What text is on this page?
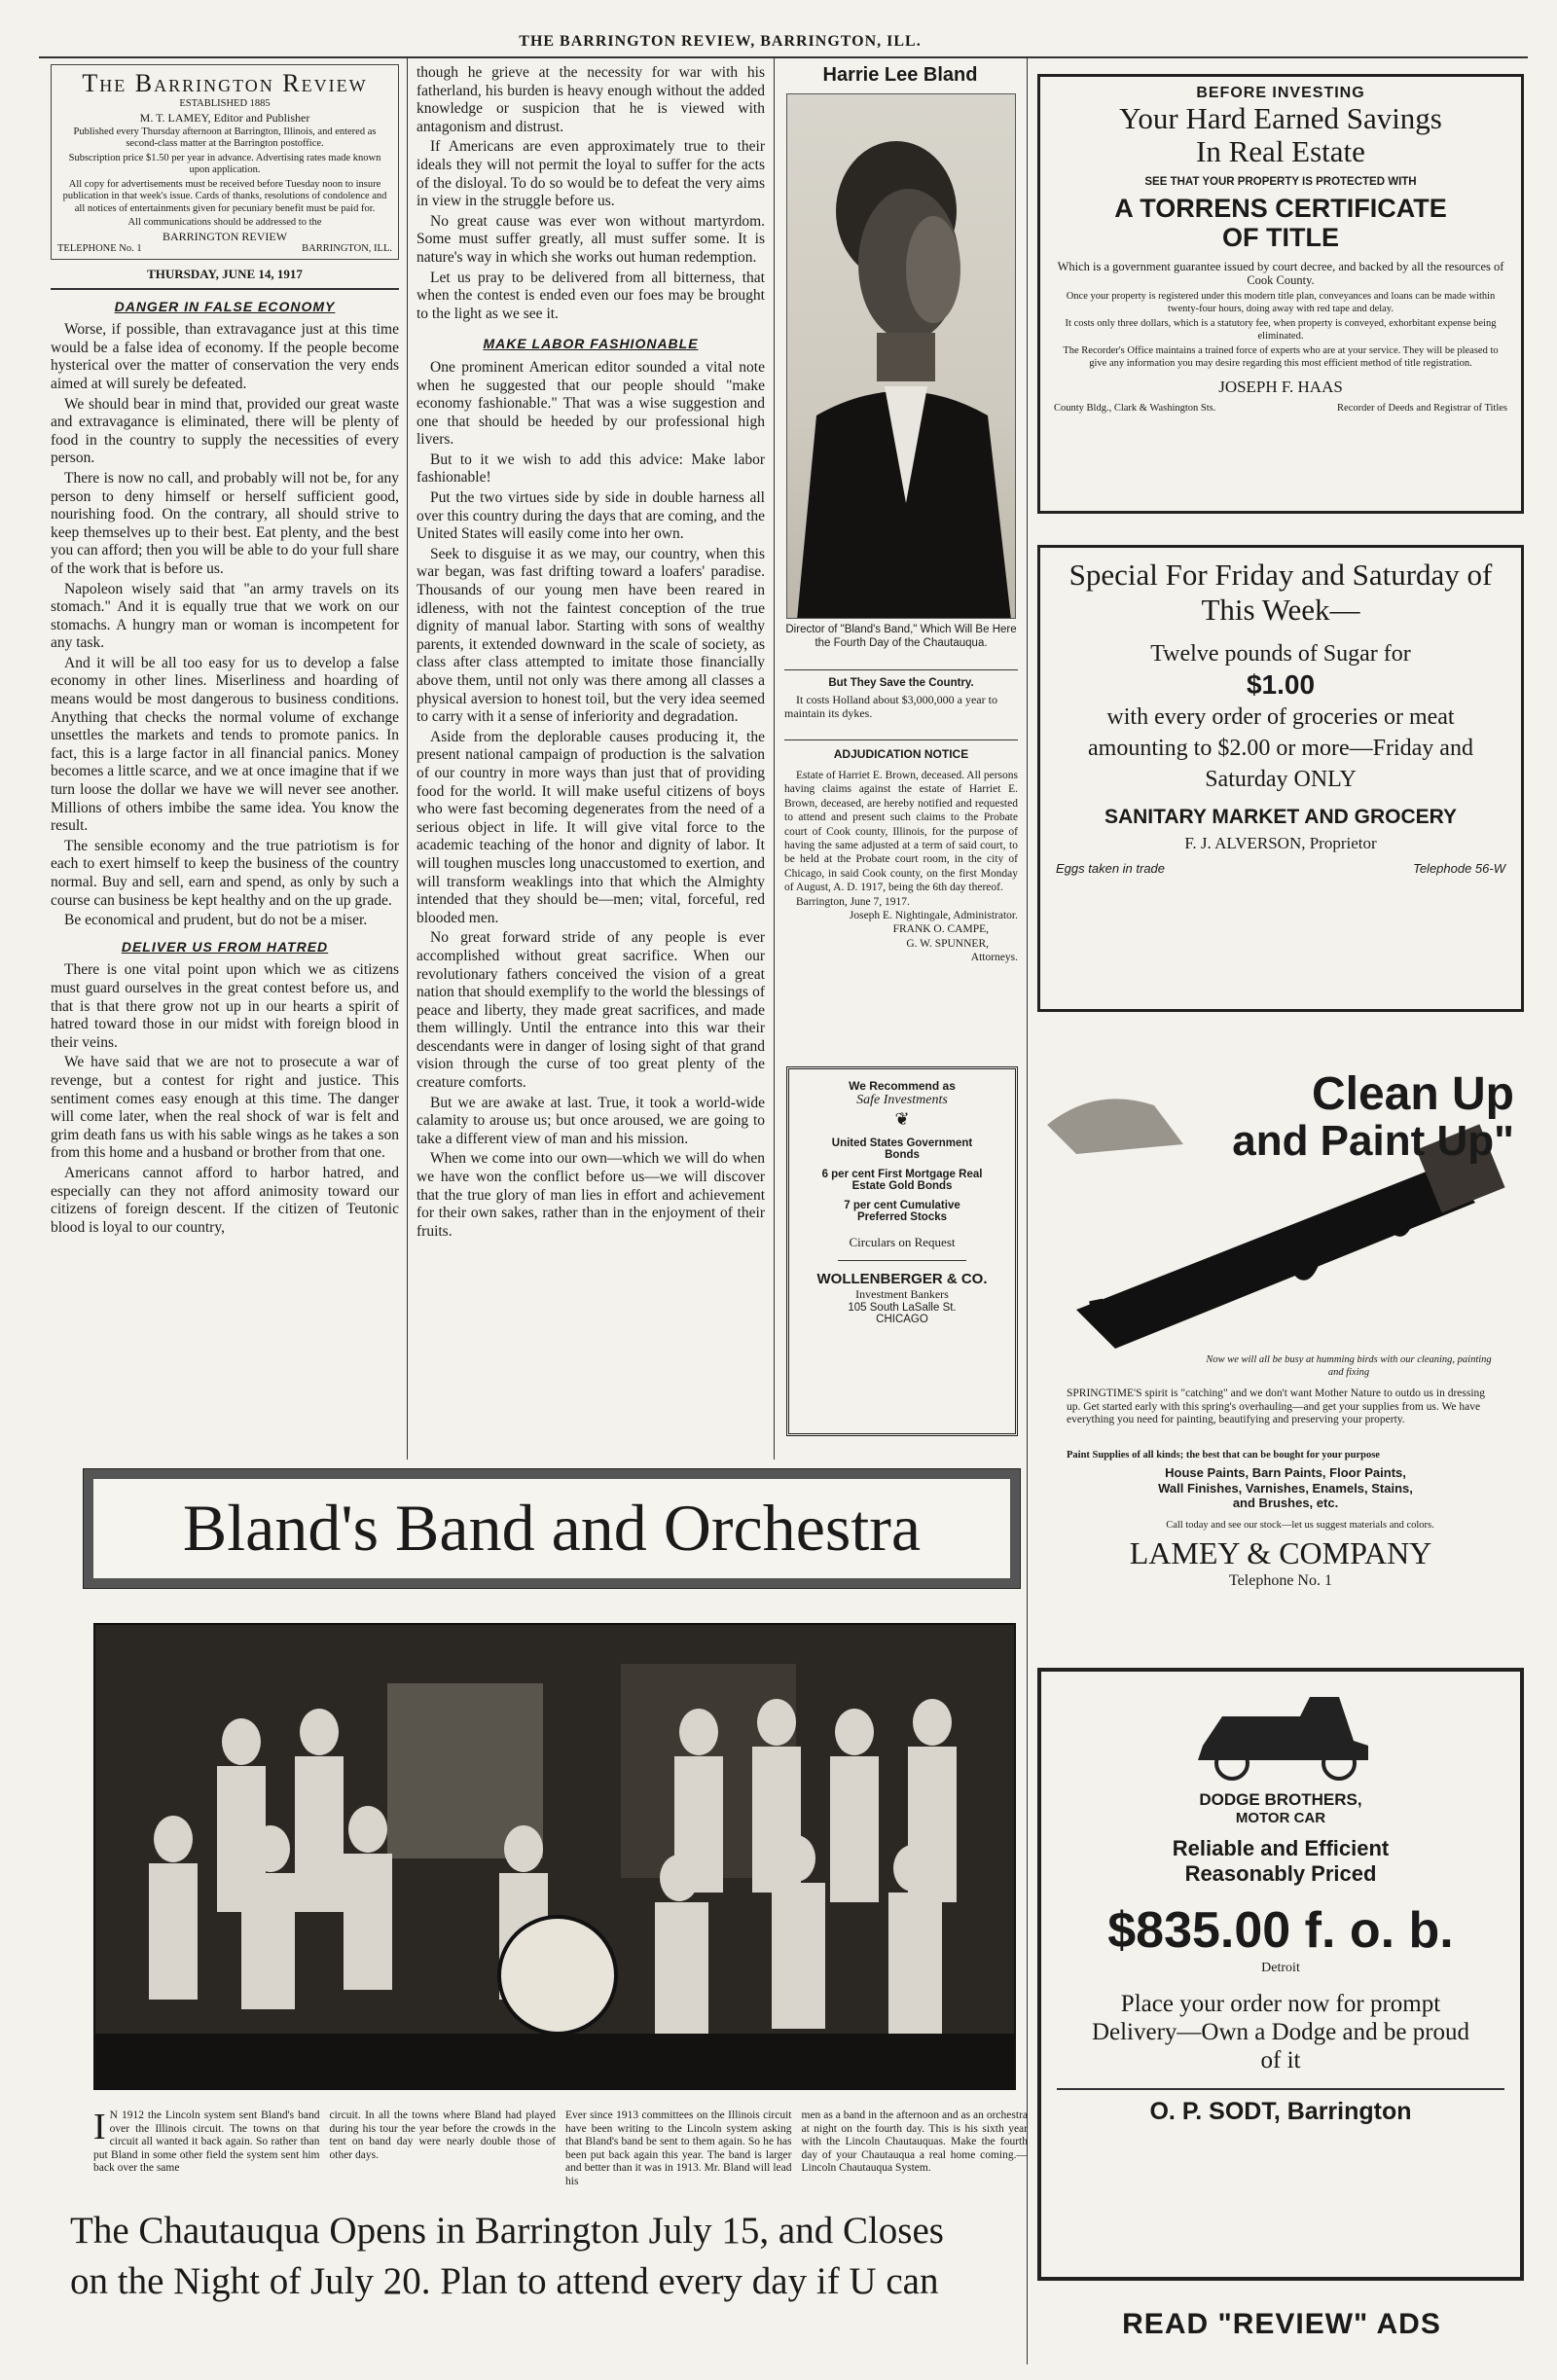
THE BARRINGTON REVIEW, BARRINGTON, ILL.
The Barrington Review
ESTABLISHED 1885
M. T. LAMEY, Editor and Publisher
Published every Thursday afternoon at Barrington, Illinois, and entered as second-class matter at the Barrington postoffice.
Subscription price $1.50 per year in advance. Advertising rates made known upon application.
All copy for advertisements must be received before Tuesday noon to insure publication in that week's issue. Cards of thanks, resolutions of condolence and all notices of entertainments given for pecuniary benefit must be paid for.
All communications should be addressed to the
BARRINGTON REVIEW
TELEPHONE No. 1	BARRINGTON, ILL.
THURSDAY, JUNE 14, 1917
DANGER IN FALSE ECONOMY

Worse, if possible, than extravagance just at this time would be a false idea of economy. If the people become hysterical over the matter of conservation the very ends aimed at will surely be defeated.

We should bear in mind that, provided our great waste and extravagance is eliminated, there will be plenty of food in the country to supply the necessities of every person.

There is now no call, and probably will not be, for any person to deny himself or herself sufficient good, nourishing food. On the contrary, all should strive to keep themselves up to their best. Eat plenty, and the best you can afford; then you will be able to do your full share of the work that is before us.

Napoleon wisely said that "an army travels on its stomach." And it is equally true that we work on our stomachs. A hungry man or woman is incompetent for any task.

And it will be all too easy for us to develop a false economy in other lines. Miserliness and hoarding of means would be most dangerous to business conditions. Anything that checks the normal volume of exchange unsettles the markets and tends to promote panics. In fact, this is a large factor in all financial panics. Money becomes a little scarce, and we at once imagine that if we turn loose the dollar we have we will never see another. Millions of others imbibe the same idea. You know the result.

The sensible economy and the true patriotism is for each to exert himself to keep the business of the country normal. Buy and sell, earn and spend, as only by such a course can business be kept healthy and on the up grade.

Be economical and prudent, but do not be a miser.

DELIVER US FROM HATRED

There is one vital point upon which we as citizens must guard ourselves in the great contest before us, and that is that there grow not up in our hearts a spirit of hatred toward those in our midst with foreign blood in their veins.

We have said that we are not to prosecute a war of revenge, but a contest for right and justice. This sentiment comes easy enough at this time. The danger will come later, when the real shock of war is felt and grim death fans us with his sable wings as he takes a son from this home and a husband or brother from that one.

Americans cannot afford to harbor hatred, and especially can they not afford animosity toward our citizens of foreign descent. If the citizen of Teutonic blood is loyal to our country,

though he grieve at the necessity for war with his fatherland, his burden is heavy enough without the added knowledge or suspicion that he is viewed with antagonism and distrust.

If Americans are even approximately true to their ideals they will not permit the loyal to suffer for the acts of the disloyal. To do so would be to defeat the very aims in view in the struggle before us.

No great cause was ever won without martyrdom. Some must suffer greatly, all must suffer some. It is nature's way in which she works out human redemption.

Let us pray to be delivered from all bitterness, that when the contest is ended even our foes may be brought to the light as we see it.

MAKE LABOR FASHIONABLE

One prominent American editor sounded a vital note when he suggested that our people should "make economy fashionable." That was a wise suggestion and one that should be heeded by our professional high livers.

But to it we wish to add this advice: Make labor fashionable!

Put the two virtues side by side in double harness all over this country during the days that are coming, and the United States will easily come into her own.

Seek to disguise it as we may, our country, when this war began, was fast drifting toward a loafers' paradise. Thousands of our young men have been reared in idleness, with not the faintest conception of the true dignity of manual labor. Starting with sons of wealthy parents, it extended downward in the scale of society, as class after class attempted to imitate those financially above them, until not only was there among all classes a physical aversion to honest toil, but the very idea seemed to carry with it a sense of inferiority and degradation.

Aside from the deplorable causes producing it, the present national campaign of production is the salvation of our country in more ways than just that of providing food for the world. It will make useful citizens of boys who were fast becoming degenerates from the need of a serious object in life. It will give vital force to the academic teaching of the honor and dignity of labor. It will toughen muscles long unaccustomed to exertion, and will transform weaklings into that which the Almighty intended that they should be—men; vital, forceful, red blooded men.

No great forward stride of any people is ever accomplished without great sacrifice. When our revolutionary fathers conceived the vision of a great nation that should exemplify to the world the blessings of peace and liberty, they made great sacrifices, and made them willingly. Until the entrance into this war their descendants were in danger of losing sight of that grand vision through the curse of too great plenty of the creature comforts.

But we are awake at last. True, it took a world-wide calamity to arouse us; but once aroused, we are going to take a different view of man and his mission.

When we come into our own—which we will do when we have won the conflict before us—we will discover that the true glory of man lies in effort and achievement for their own sakes, rather than in the enjoyment of their fruits.

Harrie Lee Bland
Director of "Bland's Band," Which Will Be Here the Fourth Day of the Chautauqua.
But They Save the Country.
It costs Holland about $3,000,000 a year to maintain its dykes.
ADJUDICATION NOTICE
Estate of Harriet E. Brown, deceased. All persons having claims against the estate of Harriet E. Brown, deceased, are hereby notified and requested to attend and present such claims to the Probate court of Cook county, Illinois, for the purpose of having the same adjusted at a term of said court, to be held at the Probate court room, in the city of Chicago, in said Cook county, on the first Monday of August, A. D. 1917, being the 6th day thereof.
Barrington, June 7, 1917.
Joseph E. Nightingale, Administrator.
FRANK O. CAMPE,
G. W. SPUNNER,
Attorneys.
We Recommend as
Safe Investments
❦
United States Government Bonds
6 per cent First Mortgage Real Estate Gold Bonds
7 per cent Cumulative Preferred Stocks
Circulars on Request
WOLLENBERGER & CO.
Investment Bankers
105 South LaSalle St.
CHICAGO
BEFORE INVESTING
Your Hard Earned Savings
In Real Estate
SEE THAT YOUR PROPERTY IS PROTECTED WITH
A TORRENS CERTIFICATE
OF TITLE
Which is a government guarantee issued by court decree, and backed by all the resources of Cook County.
Once your property is registered under this modern title plan, conveyances and loans can be made within twenty-four hours, doing away with red tape and delay.
It costs only three dollars, which is a statutory fee, when property is conveyed, exhorbitant expense being eliminated.
The Recorder's Office maintains a trained force of experts who are at your service. They will be pleased to give any information you may desire regarding this most efficient method of title registration.
JOSEPH F. HAAS
County Bldg., Clark & Washington Sts.	Recorder of Deeds and Registrar of Titles
Special For Friday and Saturday of This Week—
Twelve pounds of Sugar for
$1.00
with every order of groceries or meat amounting to $2.00 or more—Friday and Saturday ONLY
SANITARY MARKET AND GROCERY
F. J. ALVERSON, Proprietor
Eggs taken in trade	Telephode 56-W
Clean Up
and Paint Up"
Now we will all be busy at humming birds with our cleaning, painting and fixing
SPRINGTIME'S spirit is "catching" and we don't want Mother Nature to outdo us in dressing up. Get started early with this spring's overhauling—and get your supplies from us. We have everything you need for painting, beautifying and preserving your property.
Paint Supplies of all kinds; the best that can be bought for your purpose
House Paints, Barn Paints, Floor Paints, Wall Finishes, Varnishes, Enamels, Stains, and Brushes, etc.
Call today and see our stock—let us suggest materials and colors.
LAMEY & COMPANY
Telephone No. 1
DODGE BROTHERS,
MOTOR CAR
Reliable and Efficient
Reasonably Priced
$835.00 f. o. b.
Detroit
Place your order now for prompt Delivery—Own a Dodge and be proud of it
O. P. SODT, Barrington
READ "REVIEW" ADS
Bland's Band and Orchestra
I N 1912 the Lincoln system sent Bland's band over the Illinois circuit. The towns on that circuit all wanted it back again. So rather than put Bland in some other field the system sent him back over the same
circuit. In all the towns where Bland had played during his tour the year before the crowds in the tent on band day were nearly double those of other days.
Ever since 1913 committees on the Illinois circuit have been writing to the Lincoln system asking that Bland's band be sent to them again. So he has been put back again this year. The band is larger and better than it was in 1913. Mr. Bland will lead his
men as a band in the afternoon and as an orchestra at night on the fourth day. This is his sixth year with the Lincoln Chautauquas. Make the fourth day of your Chautauqua a real home coming.—Lincoln Chautauqua System.
The Chautauqua Opens in Barrington July 15, and Closes
on the Night of July 20. Plan to attend every day if U can
